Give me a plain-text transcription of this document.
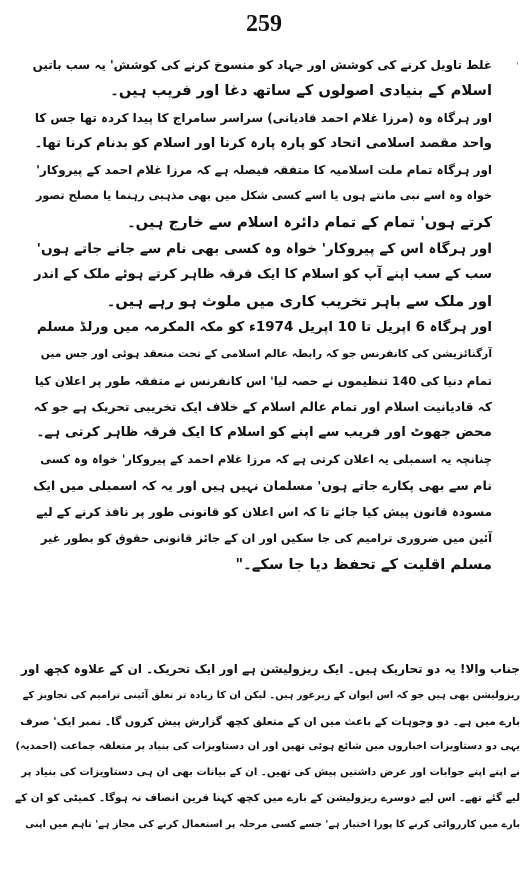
259
'

غلط تاویل کرنے کی کوشش اور جہاد کو منسوخ کرنے کی کوشش' یہ سب باتیں

اسلام کے بنیادی اصولوں کے ساتھ دغا اور فریب ہیں۔

اور ہرگاہ وہ (مرزا غلام احمد قادیانی) سراسر سامراج کا پیدا کردہ تھا جس کا

واحد مقصد اسلامی اتحاد کو پارہ پارہ کرنا اور اسلام کو بدنام کرنا تھا۔

اور ہرگاہ تمام ملت اسلامیہ کا متفقہ فیصلہ ہے کہ مرزا غلام احمد کے پیروکار'

خواہ وہ اسے نبی مانتے ہوں یا اسے کسی شکل میں بھی مذہبی رہنما یا مصلح تصور

کرتے ہوں' تمام کے تمام دائرہ اسلام سے خارج ہیں۔

اور ہرگاہ اس کے پیروکار' خواہ وہ کسی بھی نام سے جانے جاتے ہوں'

سب کے سب اپنے آپ کو اسلام کا ایک فرقہ ظاہر کرتے ہوئے ملک کے اندر

اور ملک سے باہر تخریب کاری میں ملوث ہو رہے ہیں۔

اور ہرگاہ 6 اپریل تا 10 اپریل 1974ء کو مکہ المکرمہ میں ورلڈ مسلم

آرگنائزیشن کی کانفرنس جو کہ رابطہ عالم اسلامی کے تحت منعقد ہوئی اور جس میں

تمام دنیا کی 140 تنظیموں نے حصہ لیا' اس کانفرنس نے متفقہ طور پر اعلان کیا

کہ قادیانیت اسلام اور تمام عالم اسلام کے خلاف ایک تخریبی تحریک ہے جو کہ

محض جھوٹ اور فریب سے اپنے کو اسلام کا ایک فرقہ ظاہر کرتی ہے۔

چنانچہ یہ اسمبلی یہ اعلان کرتی ہے کہ مرزا غلام احمد کے پیروکار' خواہ وہ کسی

نام سے بھی پکارے جاتے ہوں' مسلمان نہیں ہیں اور یہ کہ اسمبلی میں ایک

مسودہ قانون پیش کیا جائے تا کہ اس اعلان کو قانونی طور پر نافذ کرنے کے لیے

آئین میں ضروری ترامیم کی جا سکیں اور ان کے جائز قانونی حقوق کو بطور غیر

مسلم اقلیت کے تحفظ دیا جا سکے۔"

جناب والا! یہ دو تحاریک ہیں۔ ایک ریزولیشن ہے اور ایک تحریک۔ ان کے علاوہ کچھ اور

ریزولیشن بھی ہیں جو کہ اس ایوان کے زیرغور ہیں۔ لیکن ان کا زیادہ تر تعلق آئینی ترامیم کی تجاویز کے

بارے میں ہے۔ دو وجوہات کے باعث میں ان کے متعلق کچھ گزارش پیش کروں گا۔ نمبر ایک' صرف

یہی دو دستاویزات اخباروں میں شائع ہوئی تھیں اور ان دستاویزات کی بنیاد پر متعلقہ جماعت (احمدیہ)

نے اپنے اپنے جوابات اور عرض داشتیں پیش کی تھیں۔ ان کے بیانات بھی ان ہی دستاویزات کی بنیاد پر

لیے گئے تھے۔ اس لیے دوسرے ریزولیشن کے بارے میں کچھ کہنا قرین انصاف نہ ہوگا۔ کمیٹی کو ان کے

بارے میں کارروائی کرنے کا پورا اختیار ہے' جسے کسی مرحلہ پر استعمال کرنے کی مجاز ہے' تاہم میں اپنی
